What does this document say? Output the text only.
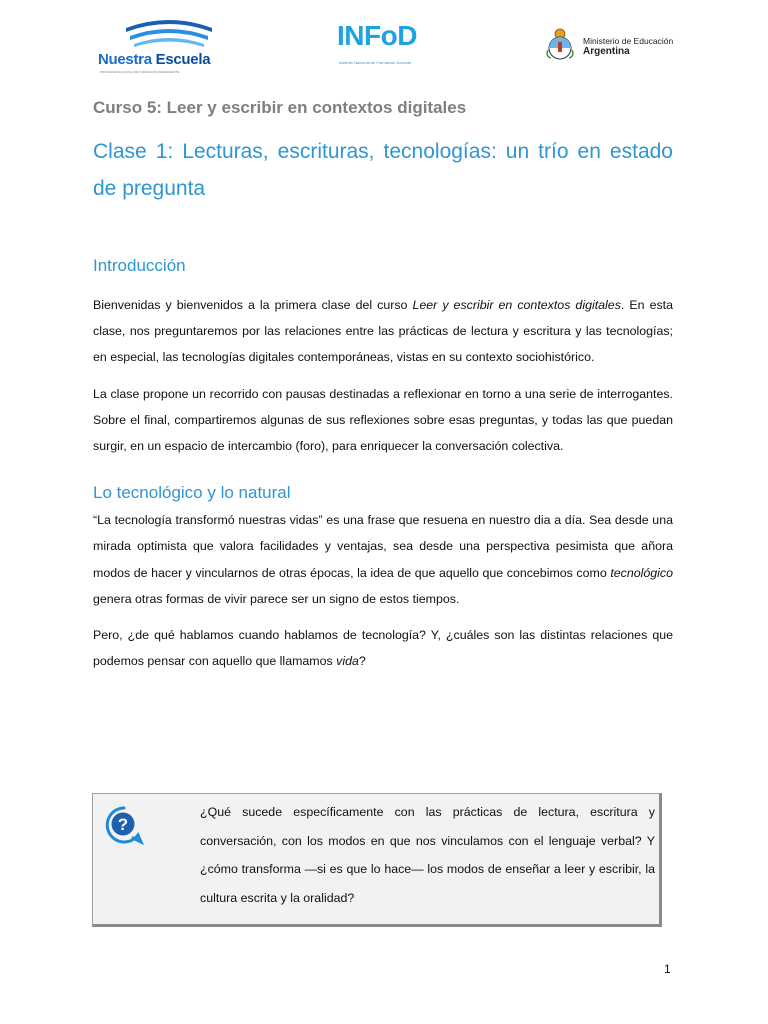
Nuestra Escuela
PROGRAMA NACIONAL DE FORMACIÓN PERMANENTE
INFoD
Instituto Nacional de Formación Docente
Ministerio de Educación
Argentina
Curso 5: Leer y escribir en contextos digitales
Clase 1: Lecturas, escrituras, tecnologías: un trío en estado de pregunta
Introducción

Bienvenidas y bienvenidos a la primera clase del curso Leer y escribir en contextos digitales. En esta clase, nos preguntaremos por las relaciones entre las prácticas de lectura y escritura y las tecnologías; en especial, las tecnologías digitales contemporáneas, vistas en su contexto sociohistórico.

La clase propone un recorrido con pausas destinadas a reflexionar en torno a una serie de interrogantes. Sobre el final, compartiremos algunas de sus reflexiones sobre esas preguntas, y todas las que puedan surgir, en un espacio de intercambio (foro), para enriquecer la conversación colectiva.

Lo tecnológico y lo natural

“La tecnología transformó nuestras vidas” es una frase que resuena en nuestro dia a día. Sea desde una mirada optimista que valora facilidades y ventajas, sea desde una perspectiva pesimista que añora modos de hacer y vincularnos de otras épocas, la idea de que aquello que concebimos como tecnológico genera otras formas de vivir parece ser un signo de estos tiempos.

Pero, ¿de qué hablamos cuando hablamos de tecnología? Y, ¿cuáles son las distintas relaciones que podemos pensar con aquello que llamamos vida?

?
¿Qué sucede específicamente con las prácticas de lectura, escritura y conversación, con los modos en que nos vinculamos con el lenguaje verbal? Y ¿cómo transforma —si es que lo hace— los modos de enseñar a leer y escribir, la cultura escrita y la oralidad?
1
